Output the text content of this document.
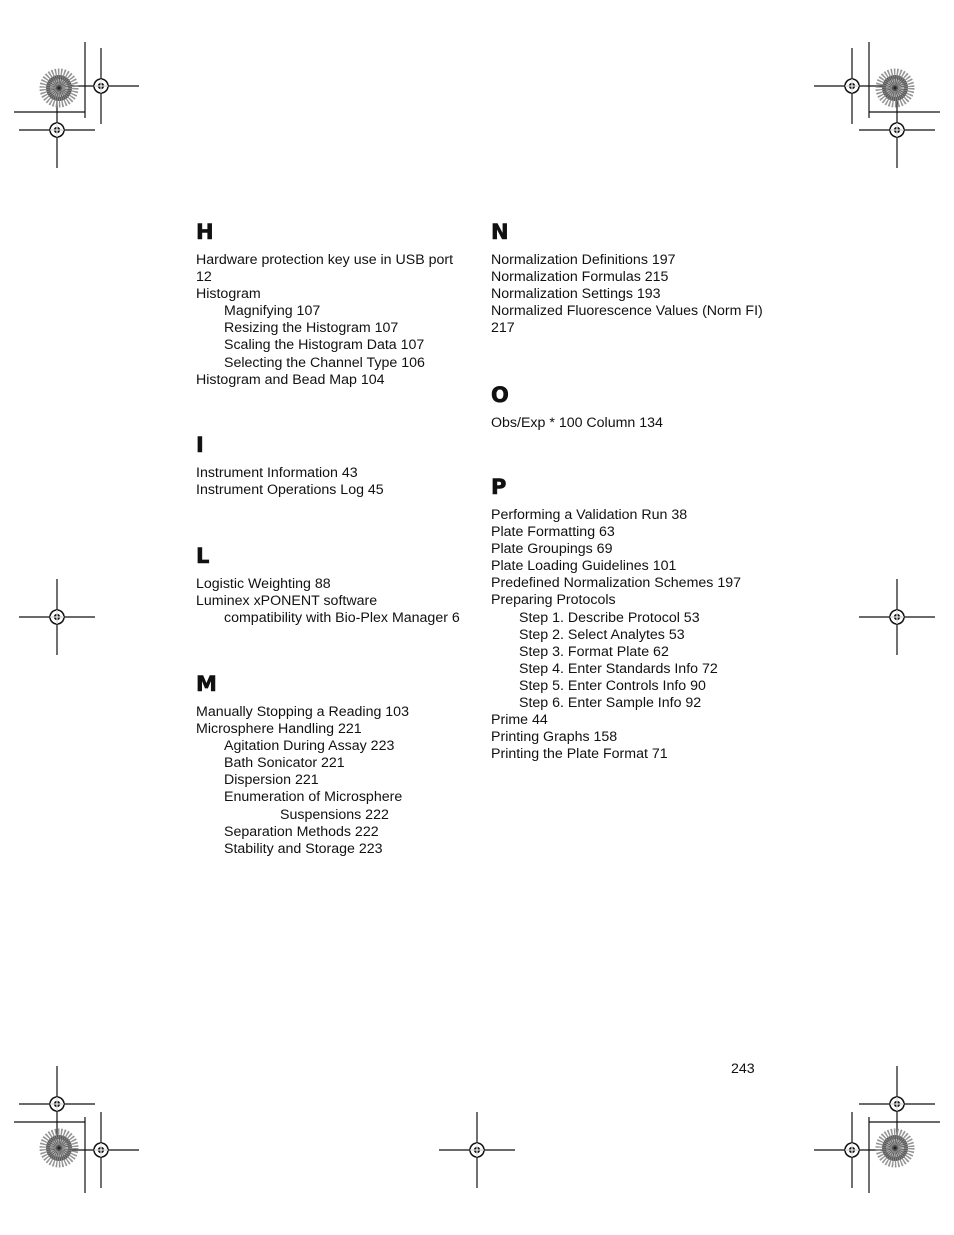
H
Hardware protection key use in USB port
12
Histogram
Magnifying 107
Resizing the Histogram 107
Scaling the Histogram Data 107
Selecting the Channel Type 106
Histogram and Bead Map 104
I
Instrument Information 43
Instrument Operations Log 45
L
Logistic Weighting 88
Luminex xPONENT software
compatibility with Bio-Plex Manager 6
M
Manually Stopping a Reading 103
Microsphere Handling 221
Agitation During Assay 223
Bath Sonicator 221
Dispersion 221
Enumeration of Microsphere
Suspensions 222
Separation Methods 222
Stability and Storage 223
N
Normalization Definitions 197
Normalization Formulas 215
Normalization Settings 193
Normalized Fluorescence Values (Norm FI)
217
O
Obs/Exp * 100 Column 134
P
Performing a Validation Run 38
Plate Formatting 63
Plate Groupings 69
Plate Loading Guidelines 101
Predefined Normalization Schemes 197
Preparing Protocols
Step 1. Describe Protocol 53
Step 2. Select Analytes 53
Step 3. Format Plate 62
Step 4. Enter Standards Info 72
Step 5. Enter Controls Info 90
Step 6. Enter Sample Info 92
Prime 44
Printing Graphs 158
Printing the Plate Format 71
243
